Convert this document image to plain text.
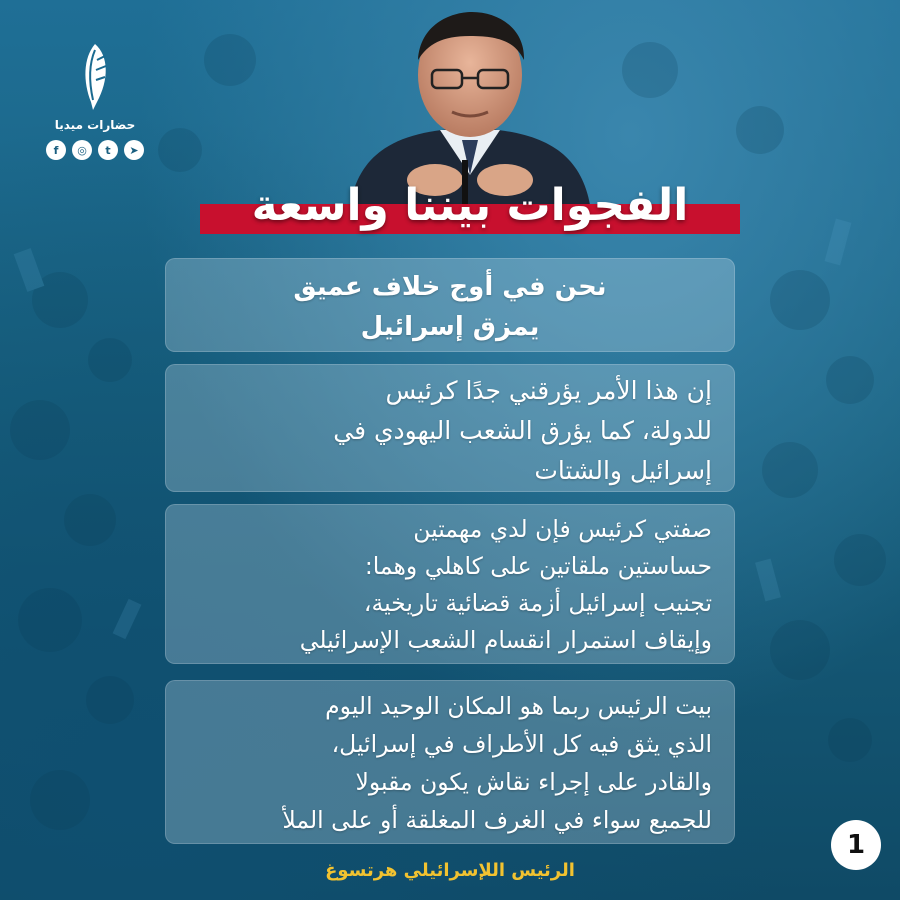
حضارات ميديا
f	◎	t	➤
الفجوات بيننا واسعة
نحن في أوج خلاف عميق
يمزق إسرائيل
إن هذا الأمر يؤرقني جدًا كرئيس
للدولة، كما يؤرق الشعب اليهودي في
إسرائيل والشتات
صفتي كرئيس فإن لدي مهمتين
حساستين ملقاتين على كاهلي وهما:
تجنيب إسرائيل أزمة قضائية تاريخية،
وإيقاف استمرار انقسام الشعب الإسرائيلي
بيت الرئيس ربما هو المكان الوحيد اليوم
الذي يثق فيه كل الأطراف في إسرائيل،
والقادر على إجراء نقاش يكون مقبولا
للجميع سواء في الغرف المغلقة أو على الملأ
الرئيس اللإسرائيلي هرتسوغ
1
